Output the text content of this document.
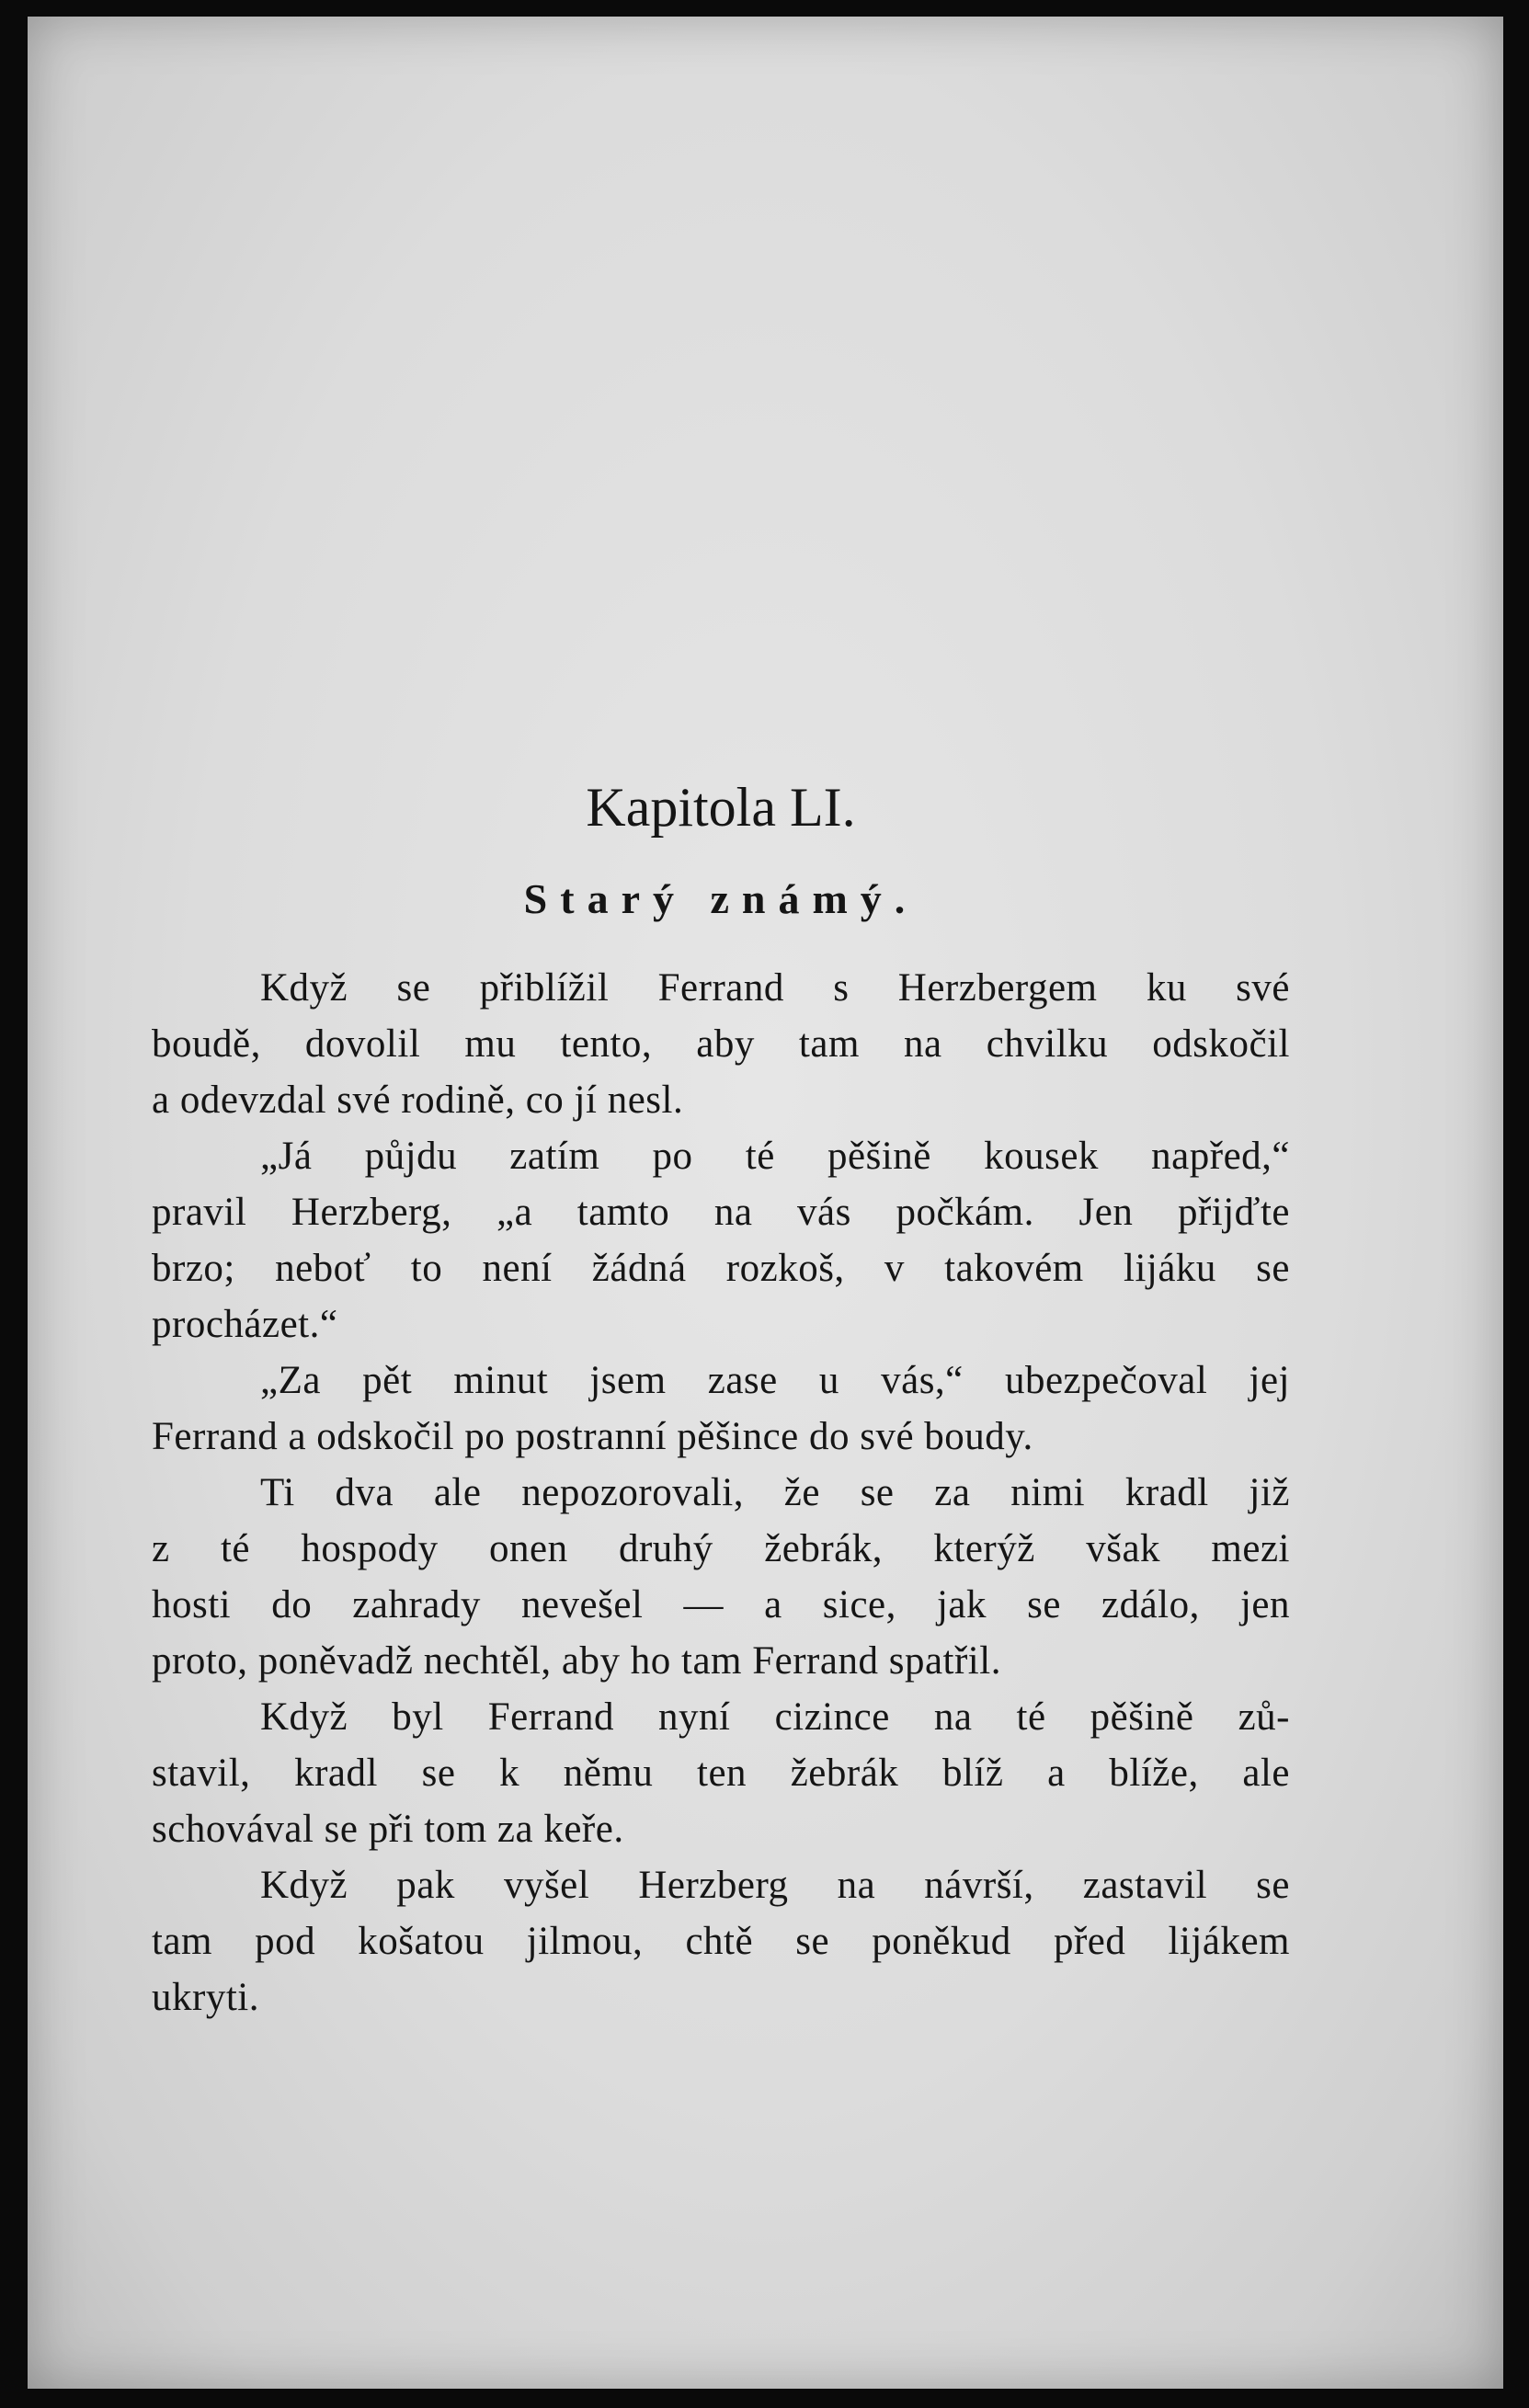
Kapitola LI.
Starý známý.
Když se přiblížil Ferrand s Herzbergem ku své
boudě, dovolil mu tento, aby tam na chvilku odskočil
a odevzdal své rodině, co jí nesl.
„Já půjdu zatím po té pěšině kousek napřed,“
pravil Herzberg, „a tamto na vás počkám. Jen přijďte
brzo; neboť to není žádná rozkoš, v takovém lijáku se
procházet.“
„Za pět minut jsem zase u vás,“ ubezpečoval jej
Ferrand a odskočil po postranní pěšince do své boudy.
Ti dva ale nepozorovali, že se za nimi kradl již
z té hospody onen druhý žebrák, kterýž však mezi
hosti do zahrady nevešel — a sice, jak se zdálo, jen
proto, poněvadž nechtěl, aby ho tam Ferrand spatřil.
Když byl Ferrand nyní cizince na té pěšině zů-
stavil, kradl se k němu ten žebrák blíž a blíže, ale
schovával se při tom za keře.
Když pak vyšel Herzberg na návrší, zastavil se
tam pod košatou jilmou, chtě se poněkud před lijákem
ukryti.
